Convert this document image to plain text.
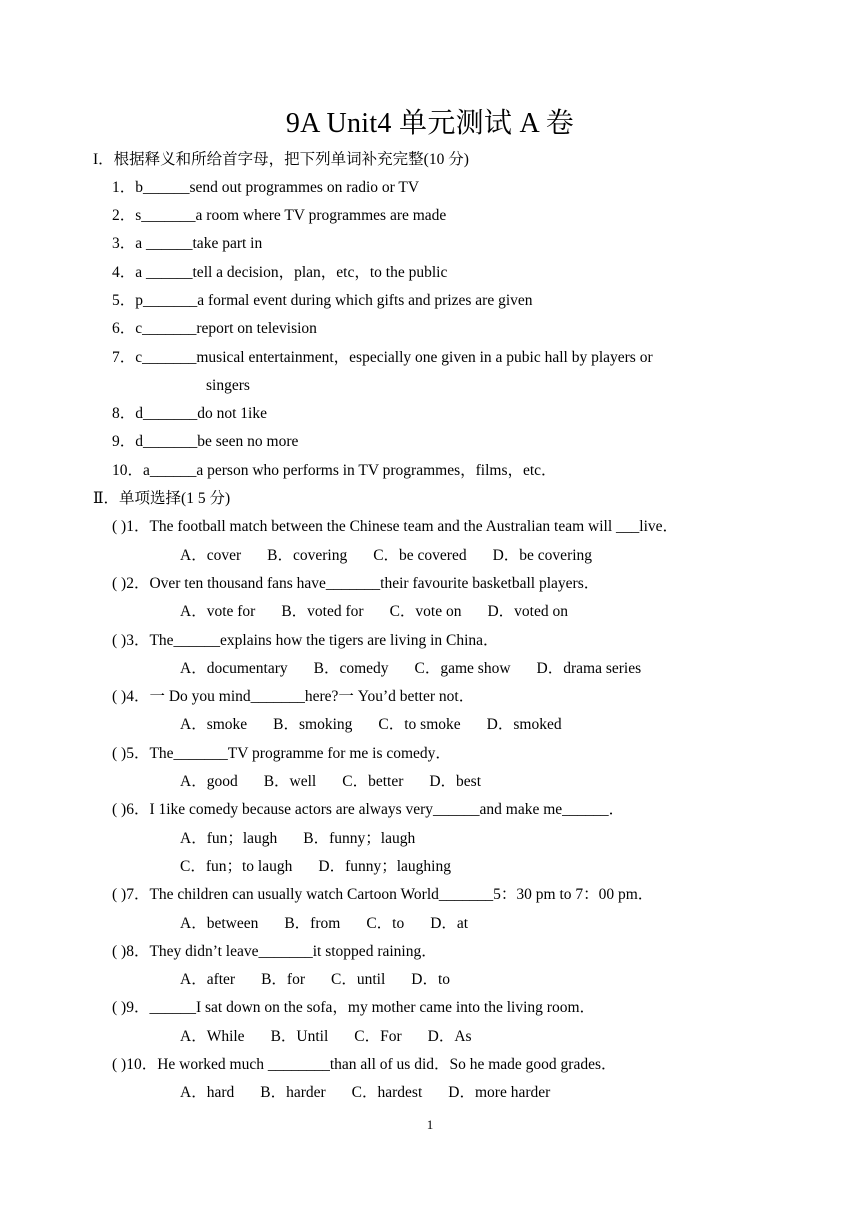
9A Unit4 单元测试 A 卷
I．根据释义和所给首字母，把下列单词补充完整(10 分)
1．b______send out programmes on radio or TV
2．s_______a room where TV programmes are made
3．a ______take part in
4．a ______tell a decision，plan，etc，to the public
5．p_______a formal event during which gifts and prizes are given
6．c_______report on television
7．c_______musical entertainment，especially one given in a pubic hall by players or
singers
8．d_______do not 1ike
9．d_______be seen no more
10．a______a person who performs in TV programmes，films，etc．
Ⅱ．单项选择(1 5 分)
( )1．The football match between the Chinese team and the Australian team will ___live．
A．cover B．covering C．be covered D．be covering
( )2．Over ten thousand fans have_______their favourite basketball players．
A．vote for B．voted for C．vote on D．voted on
( )3．The______explains how the tigers are living in China．
A．documentary B．comedy C．game show D．drama series
( )4．一 Do you mind_______here?一 You’d better not．
A．smoke B．smoking C．to smoke D．smoked
( )5．The_______TV programme for me is comedy．
A．good B．well C．better D．best
( )6．I 1ike comedy because actors are always very______and make me______．
A．fun；laugh B．funny；laugh
C．fun；to laugh D．funny；laughing
( )7．The children can usually watch Cartoon World_______5：30 pm to 7：00 pm．
A．between B．from C．to D．at
( )8．They didn’t leave_______it stopped raining．
A．after B．for C．until D．to
( )9．______I sat down on the sofa，my mother came into the living room．
A．While B．Until C．For D．As
( )10．He worked much ________than all of us did．So he made good grades．
A．hard B．harder C．hardest D．more harder
1
